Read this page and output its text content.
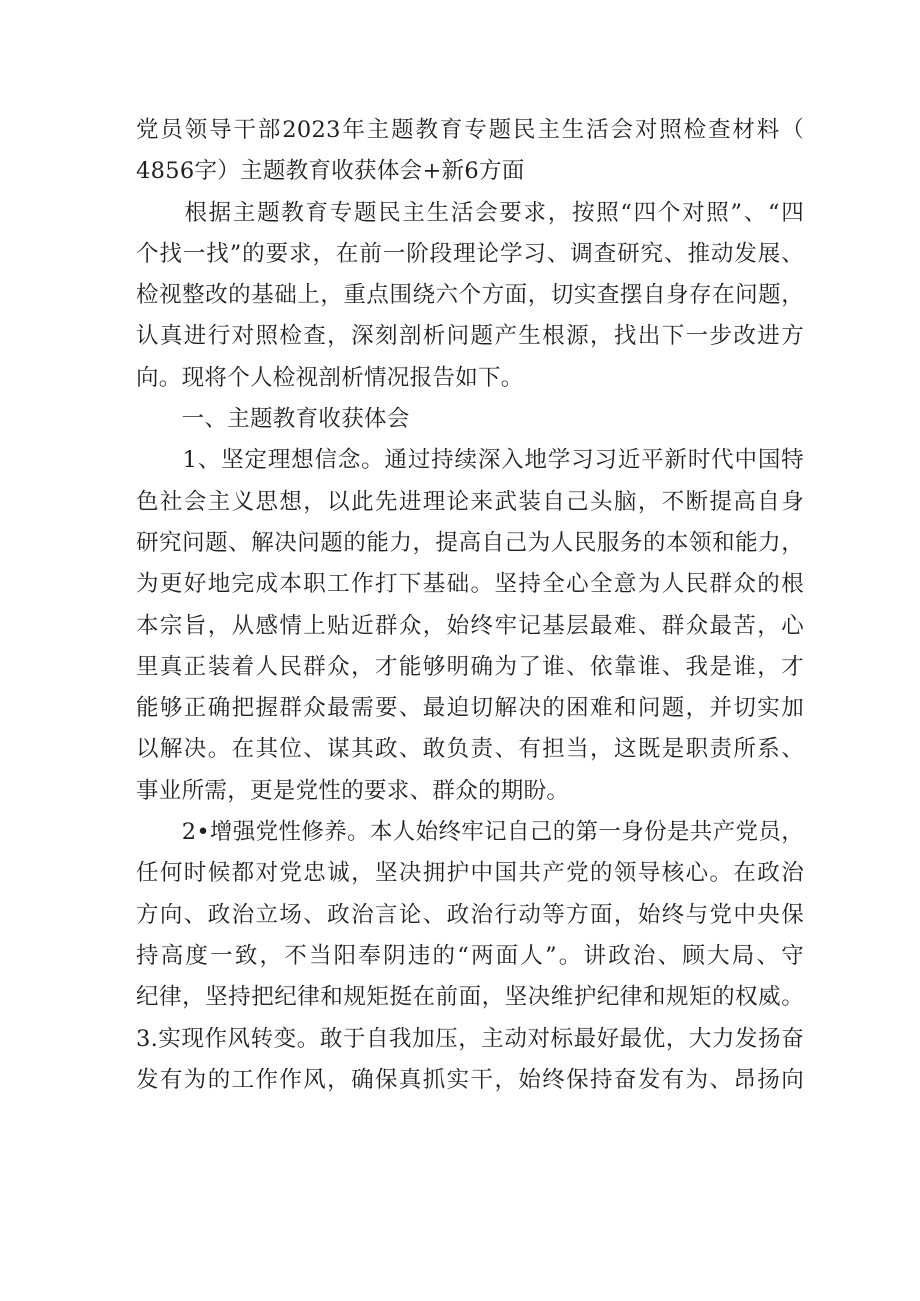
党员领导干部2023年主题教育专题民主生活会对照检查材料（
4856字）主题教育收获体会+新6方面
　　根据主题教育专题民主生活会要求，按照“四个对照”、“四
个找一找”的要求，在前一阶段理论学习、调查研究、推动发展、
检视整改的基础上，重点围绕六个方面，切实查摆自身存在问题，
认真进行对照检查，深刻剖析问题产生根源，找出下一步改进方
向。现将个人检视剖析情况报告如下。
　　一、主题教育收获体会
　　1、坚定理想信念。通过持续深入地学习习近平新时代中国特
色社会主义思想，以此先进理论来武装自己头脑，不断提高自身
研究问题、解决问题的能力，提高自己为人民服务的本领和能力，
为更好地完成本职工作打下基础。坚持全心全意为人民群众的根
本宗旨，从感情上贴近群众，始终牢记基层最难、群众最苦，心
里真正装着人民群众，才能够明确为了谁、依靠谁、我是谁，才
能够正确把握群众最需要、最迫切解决的困难和问题，并切实加
以解决。在其位、谋其政、敢负责、有担当，这既是职责所系、
事业所需，更是党性的要求、群众的期盼。
　　2•增强党性修养。本人始终牢记自己的第一身份是共产党员，
任何时候都对党忠诚，坚决拥护中国共产党的领导核心。在政治
方向、政治立场、政治言论、政治行动等方面，始终与党中央保
持高度一致，不当阳奉阴违的“两面人”。讲政治、顾大局、守
纪律，坚持把纪律和规矩挺在前面，坚决维护纪律和规矩的权威。
3.实现作风转变。敢于自我加压，主动对标最好最优，大力发扬奋
发有为的工作作风，确保真抓实干，始终保持奋发有为、昂扬向
